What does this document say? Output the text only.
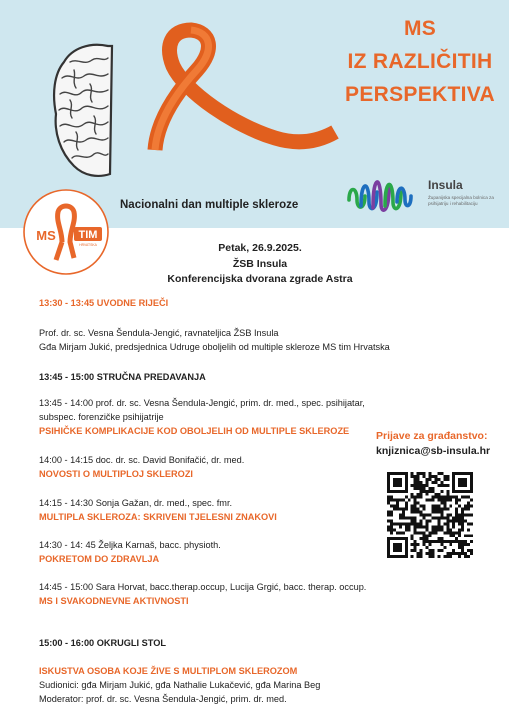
MS
IZ RAZLIČITIH
PERSPEKTIVA
Nacionalni dan multiple skleroze
Insula
Županijska specijalna bolnica za psihijatriju i rehabilitaciju
MS TIM
HRVATSKA	Petak, 26.9.2025.
ŽSB Insula
Konferencijska dvorana zgrade Astra
13:30 - 13:45 UVODNE RIJEČI
Prof. dr. sc. Vesna Šendula-Jengić, ravnateljica ŽSB Insula
Gđa Mirjam Jukić, predsjednica Udruge oboljelih od multiple skleroze MS tim Hrvatska
13:45 - 15:00 STRUČNA PREDAVANJA
13:45 - 14:00 prof. dr. sc. Vesna Šendula-Jengić, prim. dr. med., spec. psihijatar,
subspec. forenzičke psihijatrije
PSIHIČKE KOMPLIKACIJE KOD OBOLJELIH OD MULTIPLE SKLEROZE
14:00 - 14:15 doc. dr. sc. David Bonifačić, dr. med.
NOVOSTI O MULTIPLOJ SKLEROZI
14:15 - 14:30 Sonja Gažan, dr. med., spec. fmr.
MULTIPLA SKLEROZA: SKRIVENI TJELESNI ZNAKOVI
14:30 - 14: 45 Željka Karnaš, bacc. physioth.
POKRETOM DO ZDRAVLJA
14:45 - 15:00 Sara Horvat, bacc.therap.occup, Lucija Grgić, bacc. therap. occup.
MS I SVAKODNEVNE AKTIVNOSTI
15:00 - 16:00 OKRUGLI STOL
ISKUSTVA OSOBA KOJE ŽIVE S MULTIPLOM SKLEROZOM
Sudionici: gđa Mirjam Jukić, gđa Nathalie Lukačević, gđa Marina Beg
Moderator: prof. dr. sc. Vesna Šendula-Jengić, prim. dr. med.
Prijave za građanstvo:
knjiznica@sb-insula.hr
